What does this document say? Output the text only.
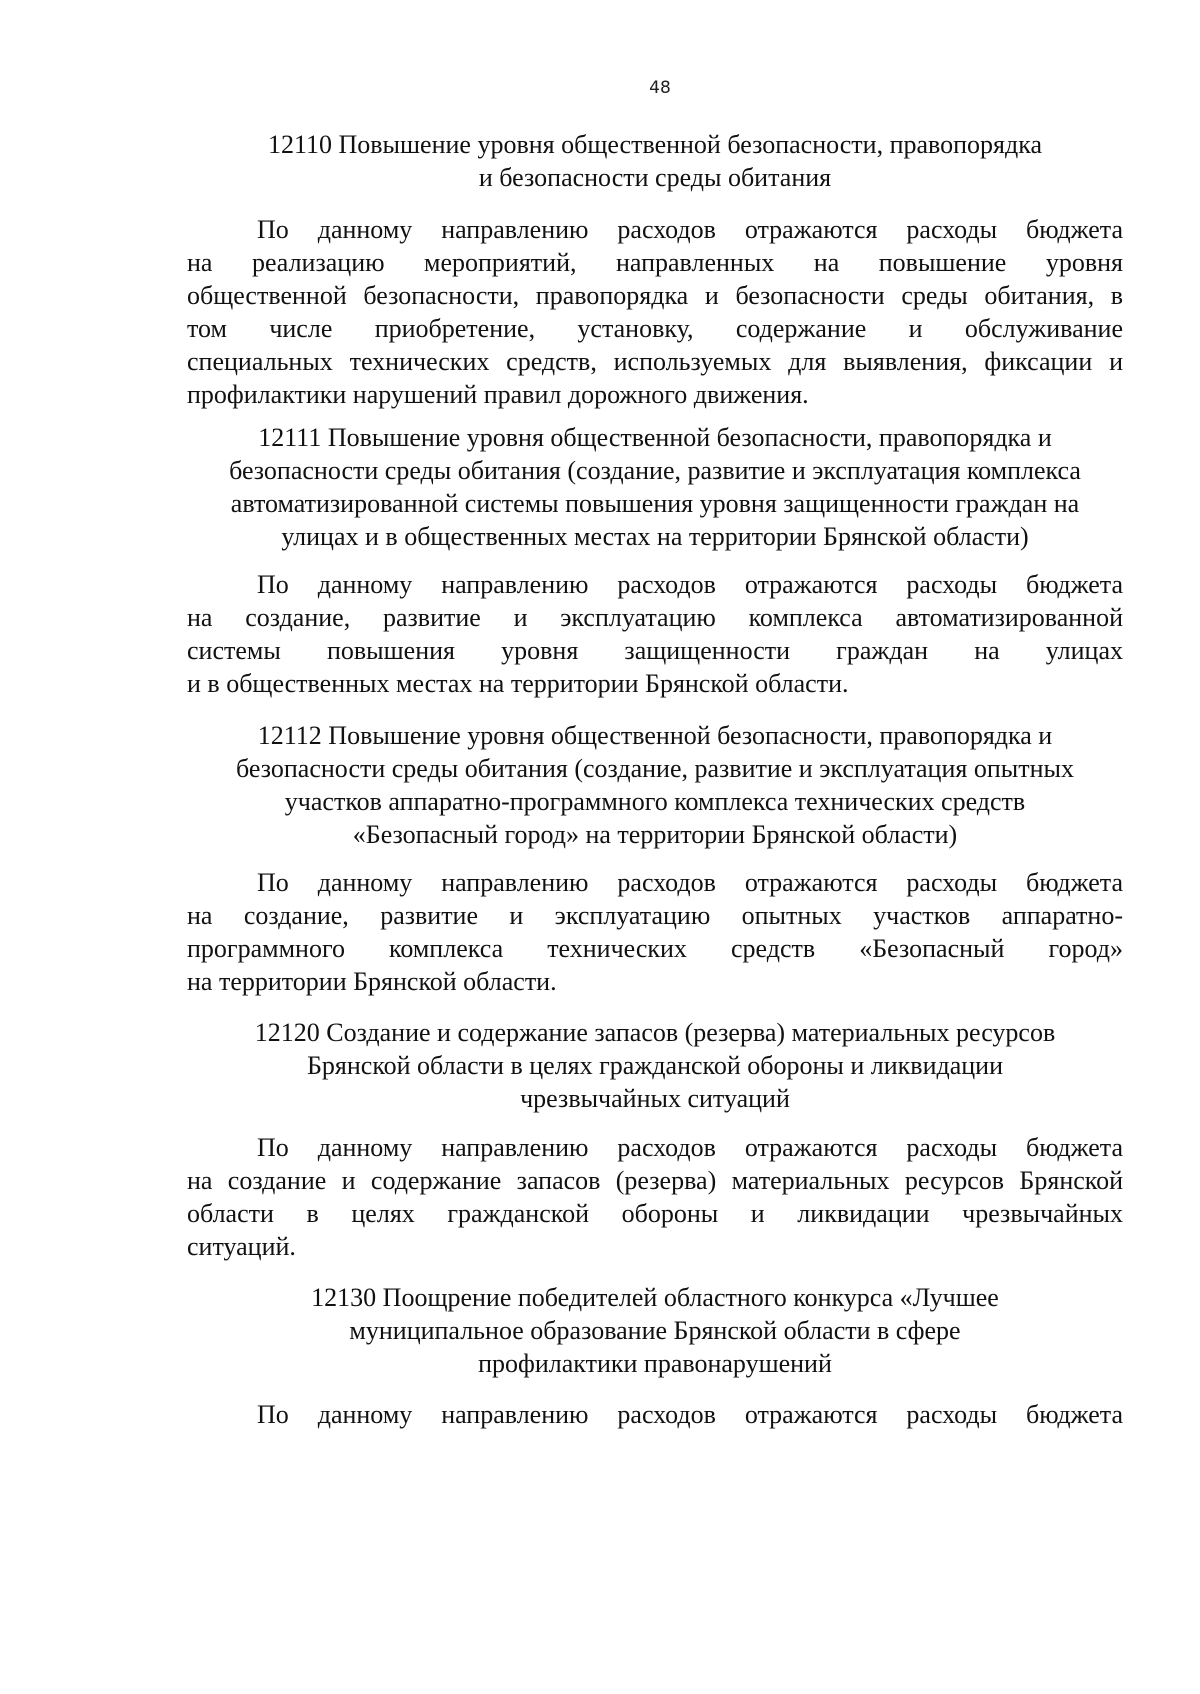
48
12110 Повышение уровня общественной безопасности, правопорядка
и безопасности среды обитания
По данному направлению расходов отражаются расходы бюджета
на реализацию мероприятий, направленных на повышение уровня
общественной безопасности, правопорядка и безопасности среды обитания, в
том числе приобретение, установку, содержание и обслуживание
специальных технических средств, используемых для выявления, фиксации и
профилактики нарушений правил дорожного движения.
12111 Повышение уровня общественной безопасности, правопорядка и
безопасности среды обитания (создание, развитие и эксплуатация комплекса
автоматизированной системы повышения уровня защищенности граждан на
улицах и в общественных местах на территории Брянской области)
По данному направлению расходов отражаются расходы бюджета
на создание, развитие и эксплуатацию комплекса автоматизированной
системы повышения уровня защищенности граждан на улицах
и в общественных местах на территории Брянской области.
12112 Повышение уровня общественной безопасности, правопорядка и
безопасности среды обитания (создание, развитие и эксплуатация опытных
участков аппаратно-программного комплекса технических средств
«Безопасный город» на территории Брянской области)
По данному направлению расходов отражаются расходы бюджета
на создание, развитие и эксплуатацию опытных участков аппаратно-
программного комплекса технических средств «Безопасный город»
на территории Брянской области.
12120 Создание и содержание запасов (резерва) материальных ресурсов
Брянской области в целях гражданской обороны и ликвидации
чрезвычайных ситуаций
По данному направлению расходов отражаются расходы бюджета
на создание и содержание запасов (резерва) материальных ресурсов Брянской
области в целях гражданской обороны и ликвидации чрезвычайных
ситуаций.
12130 Поощрение победителей областного конкурса «Лучшее
муниципальное образование Брянской области в сфере
профилактики правонарушений
По данному направлению расходов отражаются расходы бюджета
